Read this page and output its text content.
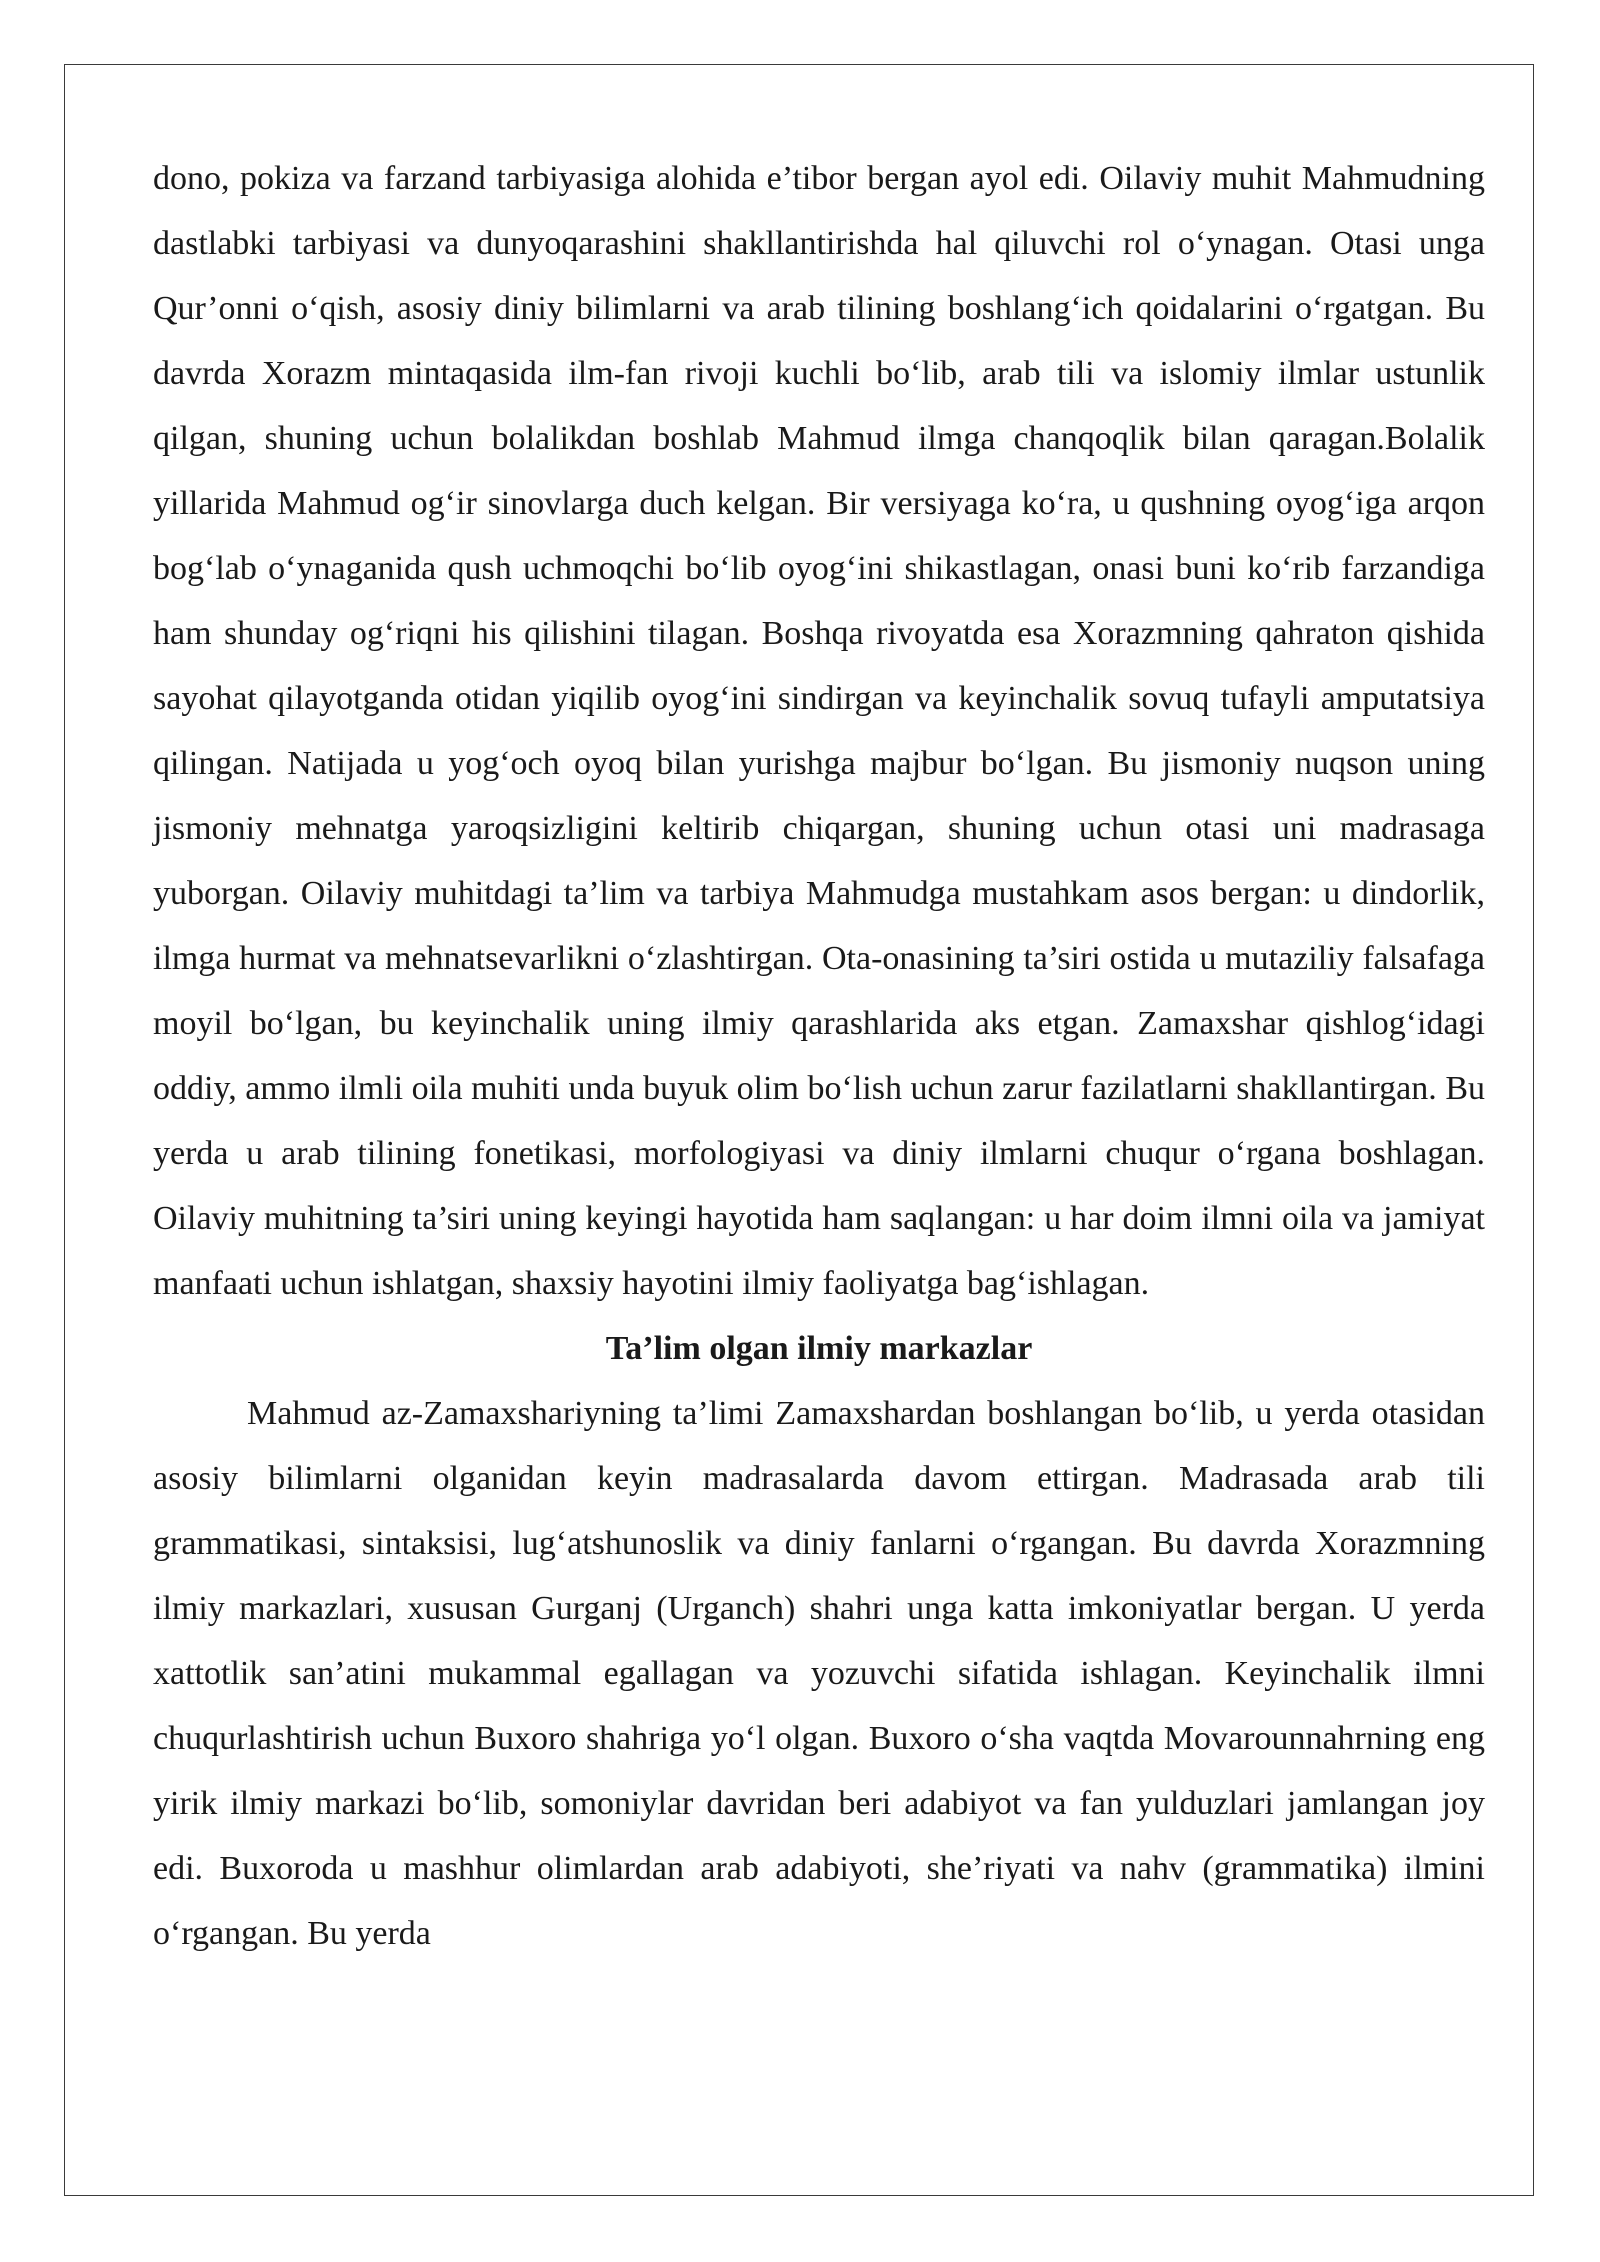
dono, pokiza va farzand tarbiyasiga alohida e’tibor bergan ayol edi. Oilaviy muhit Mahmudning dastlabki tarbiyasi va dunyoqarashini shakllantirishda hal qiluvchi rol o‘ynagan. Otasi unga Qur’onni o‘qish, asosiy diniy bilimlarni va arab tilining boshlang‘ich qoidalarini o‘rgatgan. Bu davrda Xorazm mintaqasida ilm-fan rivoji kuchli bo‘lib, arab tili va islomiy ilmlar ustunlik qilgan, shuning uchun bolalikdan boshlab Mahmud ilmga chanqoqlik bilan qaragan.Bolalik yillarida Mahmud og‘ir sinovlarga duch kelgan. Bir versiyaga ko‘ra, u qushning oyog‘iga arqon bog‘lab o‘ynaganida qush uchmoqchi bo‘lib oyog‘ini shikastlagan, onasi buni ko‘rib farzandiga ham shunday og‘riqni his qilishini tilagan. Boshqa rivoyatda esa Xorazmning qahraton qishida sayohat qilayotganda otidan yiqilib oyog‘ini sindirgan va keyinchalik sovuq tufayli amputatsiya qilingan. Natijada u yog‘och oyoq bilan yurishga majbur bo‘lgan. Bu jismoniy nuqson uning jismoniy mehnatga yaroqsizligini keltirib chiqargan, shuning uchun otasi uni madrasaga yuborgan. Oilaviy muhitdagi ta’lim va tarbiya Mahmudga mustahkam asos bergan: u dindorlik, ilmga hurmat va mehnatsevarlikni o‘zlashtirgan. Ota-onasining ta’siri ostida u mutaziliy falsafaga moyil bo‘lgan, bu keyinchalik uning ilmiy qarashlarida aks etgan. Zamaxshar qishlog‘idagi oddiy, ammo ilmli oila muhiti unda buyuk olim bo‘lish uchun zarur fazilatlarni shakllantirgan. Bu yerda u arab tilining fonetikasi, morfologiyasi va diniy ilmlarni chuqur o‘rgana boshlagan. Oilaviy muhitning ta’siri uning keyingi hayotida ham saqlangan: u har doim ilmni oila va jamiyat manfaati uchun ishlatgan, shaxsiy hayotini ilmiy faoliyatga bag‘ishlagan.

Ta’lim olgan ilmiy markazlar

Mahmud az-Zamaxshariyning ta’limi Zamaxshardan boshlangan bo‘lib, u yerda otasidan asosiy bilimlarni olganidan keyin madrasalarda davom ettirgan. Madrasada arab tili grammatikasi, sintaksisi, lug‘atshunoslik va diniy fanlarni o‘rgangan. Bu davrda Xorazmning ilmiy markazlari, xususan Gurganj (Urganch) shahri unga katta imkoniyatlar bergan. U yerda xattotlik san’atini mukammal egallagan va yozuvchi sifatida ishlagan. Keyinchalik ilmni chuqurlashtirish uchun Buxoro shahriga yo‘l olgan. Buxoro o‘sha vaqtda Movarounnahrning eng yirik ilmiy markazi bo‘lib, somoniylar davridan beri adabiyot va fan yulduzlari jamlangan joy edi. Buxoroda u mashhur olimlardan arab adabiyoti, she’riyati va nahv (grammatika) ilmini o‘rgangan. Bu yerda
